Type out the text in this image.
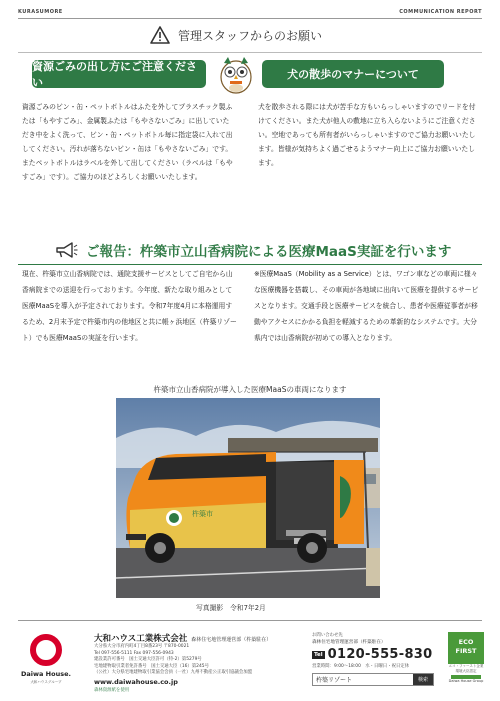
KURASUMORE	COMMUNICATION REPORT
管理スタッフからのお願い
資源ごみの出し方にご注意ください
犬の散歩のマナーについて
資源ごみのビン・缶・ペットボトルはふたを外してプラスチック製ふたは「もやすごみ」、金属製ふたは「もやさないごみ」に出していただき中をよく洗って、ビン・缶・ペットボトル毎に指定袋に入れて出してください。汚れが落ちないビン・缶は「もやさないごみ」です。またペットボトルはラベルを外して出してください（ラベルは「もやすごみ」です）。ご協力のほどよろしくお願いいたします。
犬を散歩される際には犬が苦手な方もいらっしゃいますのでリードを付けてください。また犬が他人の敷地に立ち入らないようにご注意ください。空地であっても所有者がいらっしゃいますのでご協力お願いいたします。皆様が気持ちよく過ごせるようマナー向上にご協力お願いいたします。
ご報告：杵築市立山香病院による医療MaaS実証を行います
現在、杵築市立山香病院では、通院支援サービスとしてご自宅から山香病院までの送迎を行っております。今年度、新たな取り組みとして医療MaaSを導入が予定されております。令和7年度4月に本格運用するため、2月末予定で杵築市内の他地区と共に帳ヶ浜地区（杵築リゾート）でも医療MaaSの実証を行います。
※医療MaaS（Mobility as a Service）とは、ワゴン車などの車両に様々な医療機器を搭載し、その車両が各地域に出向いて医療を提供するサービスとなります。交通手段と医療サービスを統合し、患者や医療従事者が移動やアクセスにかかる負担を軽減するための革新的なシステムです。大分県内では山香病院が初めての導入となります。
杵築市立山香病院が導入した医療MaaSの車両になります
杵築市
写真撮影　令和7年2月
Daiwa House.
大和ハウスグループ
大和ハウス工業株式会社 森林住宅地管理運営部（杵築駐在）
大分県大分市府内町4丁目8番23号 〒870-0021
Tel 097-556-5111 Fax 097-556-0943
建設業許可番号　国土交通大臣許可（特-2）第5279号
宅地建物取引業者免許番号　国土交通大臣（16）第245号
（公社）大分県宅地建物取引業協会会員（一社）九州不動産公正取引協議会加盟
www.daiwahouse.co.jp
森林資源紙を使用
お問い合わせ先
森林住宅地管理運営部（杵築駐在）
Tel 0120-555-830
営業時間：9:00〜18:00　水・日曜日・祝日定休
杵築リゾート
検索
ECO FIRST
エコ・ファースト企業　環境大臣認定
Daiwa House Group
